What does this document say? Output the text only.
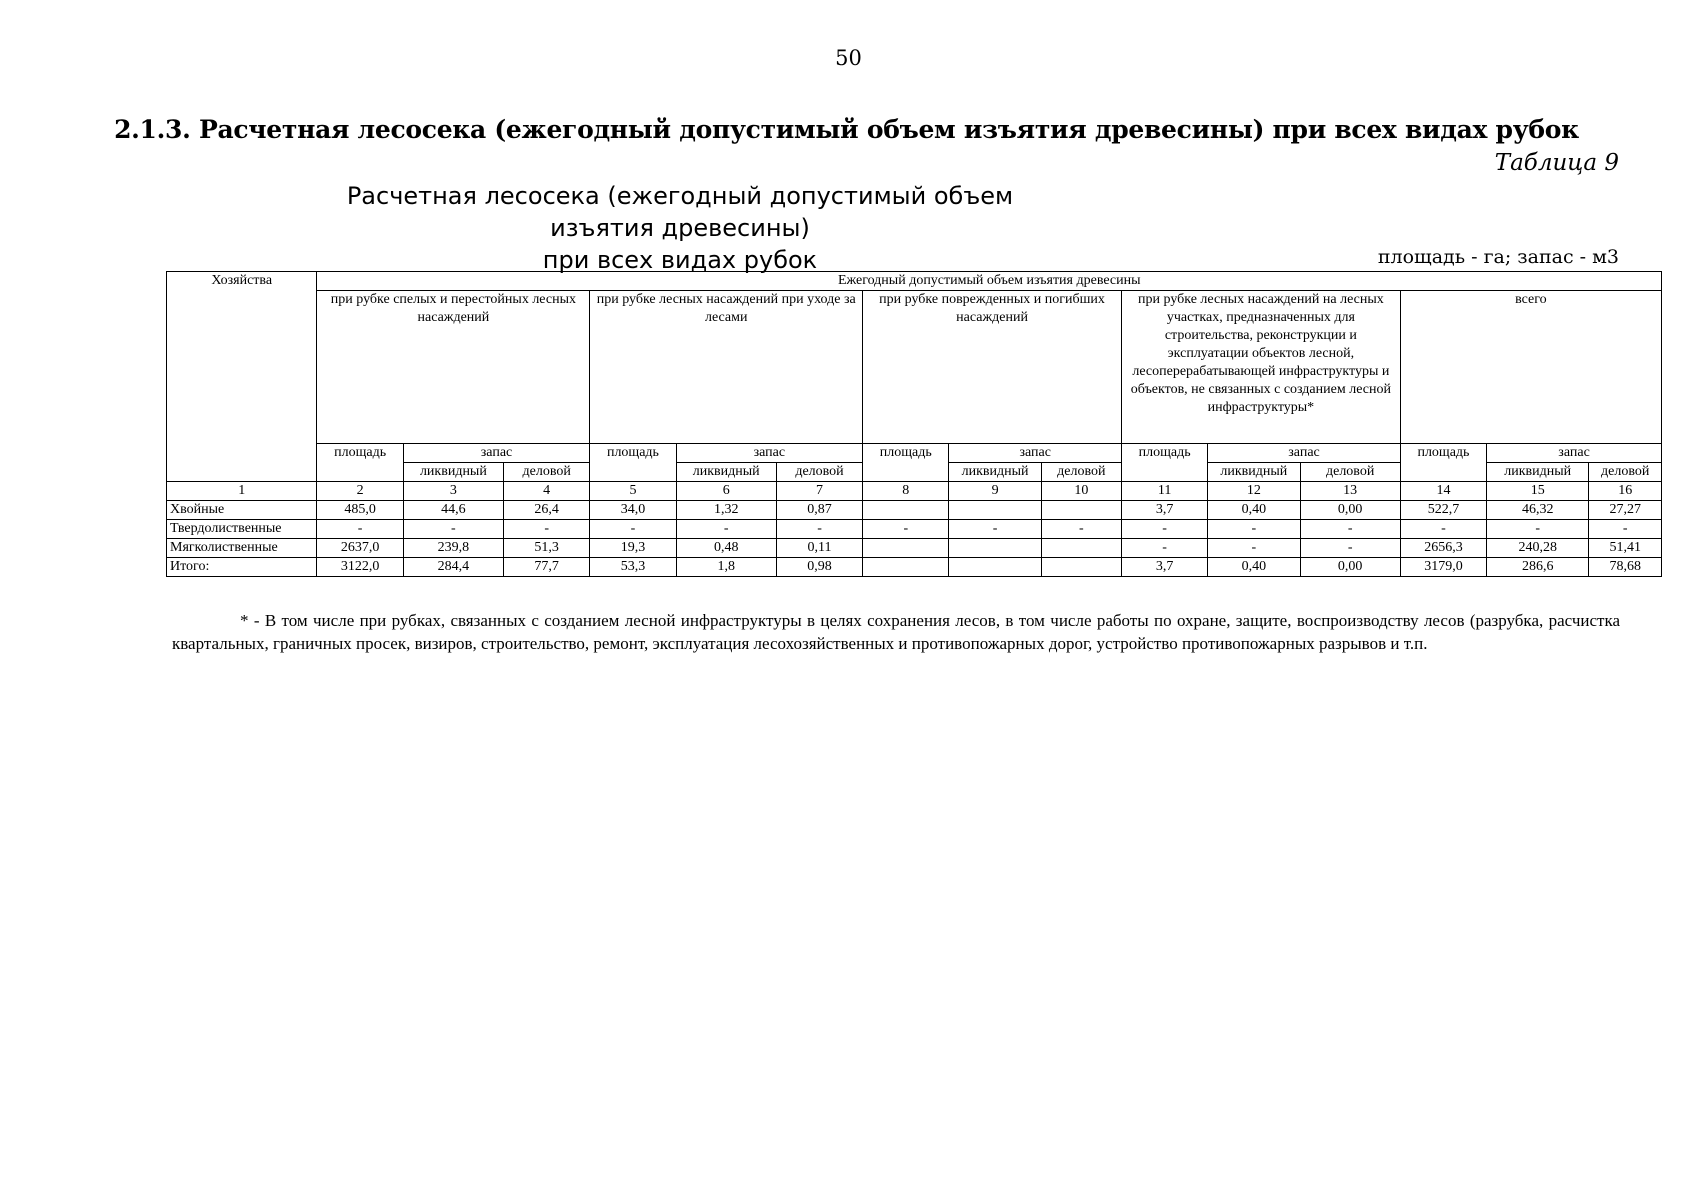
50
2.1.3. Расчетная лесосека (ежегодный допустимый объем изъятия древесины) при всех видах рубок
Таблица 9
Расчетная лесосека (ежегодный допустимый объем изъятия древесины)
при всех видах рубок	площадь - га; запас - м3
Хозяйства	Ежегодный допустимый объем изъятия древесины														
	при рубке спелых и перестойных лесных насаждений			при рубке лесных насаждений при уходе за лесами			при рубке поврежденных и погибших насаждений			при рубке лесных насаждений на лесных участках, предназначенных для строительства, реконструкции и эксплуатации объектов лесной, лесоперерабатывающей инфраструктуры и объектов, не связанных с созданием лесной инфраструктуры*			всего		
	площадь	запас		площадь	запас		площадь	запас		площадь	запас		площадь	запас	
		ликвидный	деловой		ликвидный	деловой		ликвидный	деловой		ликвидный	деловой		ликвидный	деловой
1	2	3	4	5	6	7	8	9	10	11	12	13	14	15	16
Хвойные	485,0	44,6	26,4	34,0	1,32	0,87				3,7	0,40	0,00	522,7	46,32	27,27
Твердолиственные	-	-	-	-	-	-	-	-	-	-	-	-	-	-	-
Мягколиственные	2637,0	239,8	51,3	19,3	0,48	0,11				-	-	-	2656,3	240,28	51,41
Итого:	3122,0	284,4	77,7	53,3	1,8	0,98				3,7	0,40	0,00	3179,0	286,6	78,68
* - В том числе при рубках, связанных с созданием лесной инфраструктуры в целях сохранения лесов, в том числе работы по охране, защите, воспроизводству лесов (разрубка, расчистка квартальных, граничных просек, визиров, строительство, ремонт, эксплуатация лесохозяйственных и противопожарных дорог, устройство противопожарных разрывов и т.п.
